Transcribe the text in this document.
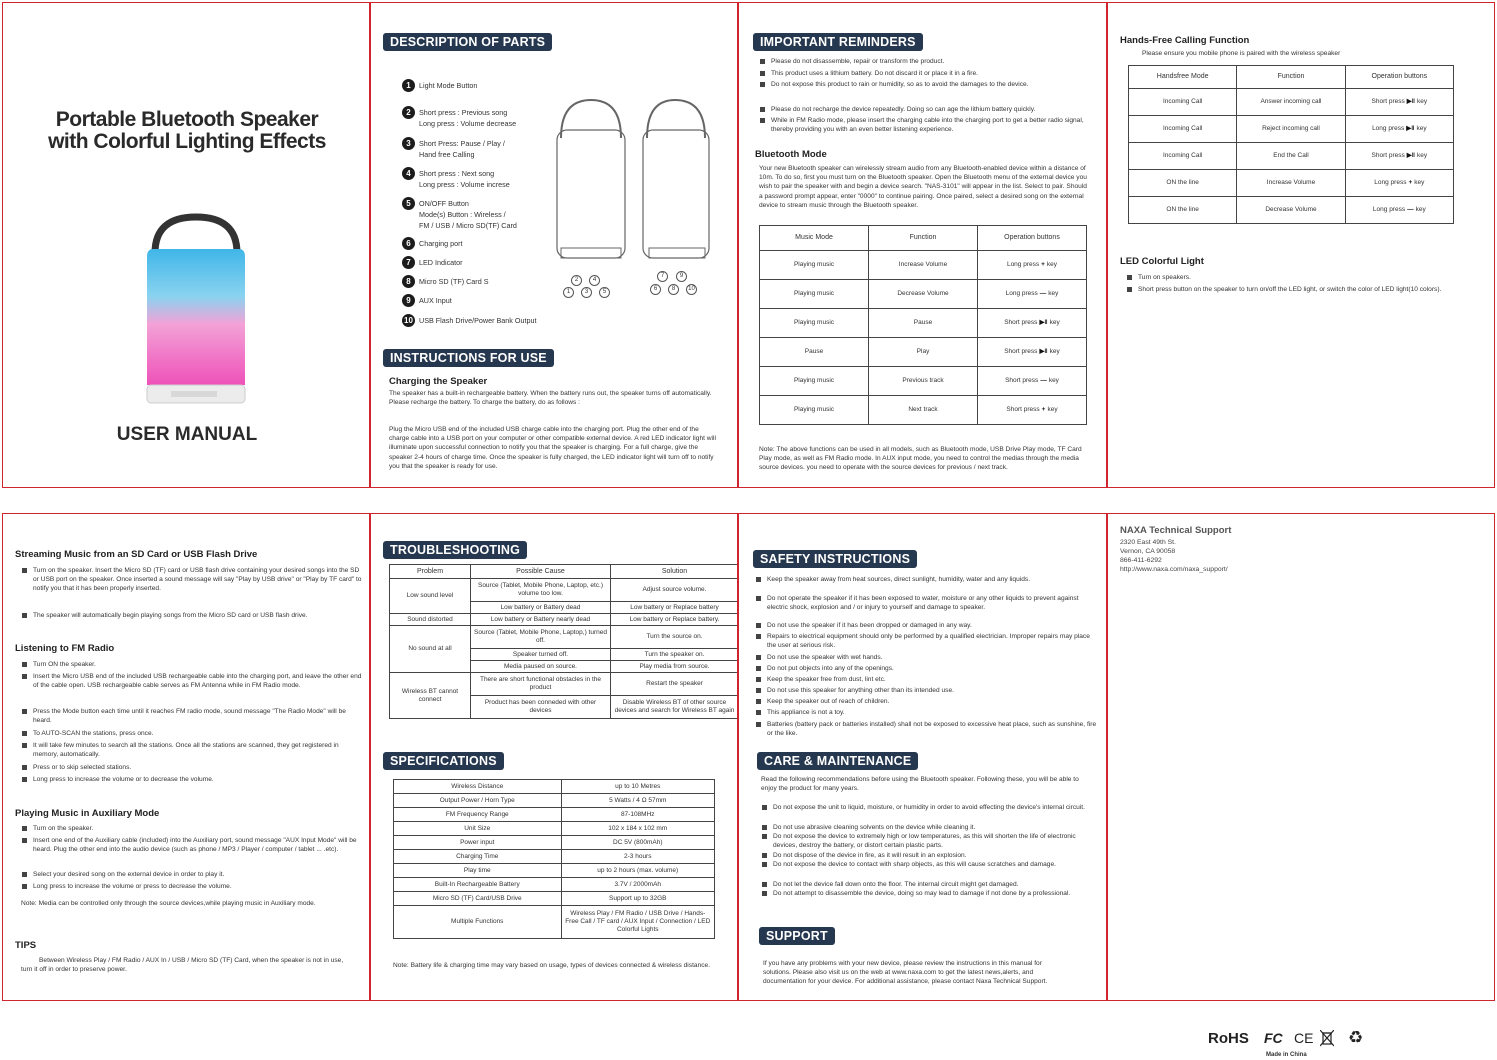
Portable Bluetooth Speaker
with Colorful Lighting Effects
USER MANUAL
DESCRIPTION OF PARTS
1	Light Mode Button
2	Short press : Previous song
Long press : Volume decrease
3	Short Press: Pause / Play /
Hand free Calling
4	Short press : Next song
Long press : Volume increse
5	ON/OFF Button
Mode(s) Button : Wireless /
FM / USB / Micro SD(TF) Card
6	Charging port
7	LED Indicator
8	Micro SD (TF) Card S
9	AUX Input
10 USB Flash Drive/Power Bank Output
2	4
1	3	5
7	9
6	8	10
INSTRUCTIONS FOR USE
Charging the Speaker
The speaker has a built-in rechargeable battery. When the battery runs out, the speaker turns off automatically. Please recharge the battery. To charge the battery, do as follows :
Plug the Micro USB end of the included USB charge cable into the charging port. Plug the other end of the charge cable into a USB port on your computer or other compatible external device. A red LED indicator light will illuminate upon successful connection to notify you that the speaker is charging. For a full charge, give the speaker 2-4 hours of charge time. Once the speaker is fully charged, the LED indicator light will turn off to notify you that the speaker is ready for use.
IMPORTANT REMINDERS
Please do not disassemble, repair or transform the product.
This product uses a lithium battery. Do not discard it or place it in a fire.
Do not expose this product to rain or humidity, so as to avoid the damages to the device.
Please do not recharge the device repeatedly. Doing so can age the lithium battery quickly.
While in FM Radio mode, please insert the charging cable into the charging port to get a better radio signal, thereby providing you with an even better listening experience.
Bluetooth Mode
Your new Bluetooth speaker can wirelessly stream audio from any Bluetooth-enabled device within a distance of 10m. To do so, first you must turn on the Bluetooth speaker. Open the Bluetooth menu of the external device you wish to pair the speaker with and begin a device search. "NAS-3101" will appear in the list. Select to pair. Should a password prompt appear, enter "0000" to continue pairing. Once paired, select a desired song on the external device to stream music through the Bluetooth speaker.
Music Mode	Function	Operation buttons
Playing music	Increase Volume	Long press + key
Playing music	Decrease Volume	Long press — key
Playing music	Pause	Short press ▶‖ key
Pause	Play	Short press ▶‖ key
Playing music	Previous track	Short press — key
Playing music	Next track	Short press + key
Note: The above functions can be used in all models, such as Bluetooth mode, USB Drive Play mode, TF Card Play mode, as well as FM Radio mode. In AUX input mode, you need to control the medias through the media source devices. you need to operate with the source devices for previous / next track.
Hands-Free Calling Function
Please ensure you mobile phone is paired with the wireless speaker
Handsfree Mode	Function	Operation buttons
Incoming Call	Answer incoming call	Short press ▶‖ key
Incoming Call	Reject incoming call	Long press ▶‖ key
Incoming Call	End the Call	Short press ▶‖ key
ON the line	Increase Volume	Long press + key
ON the line	Decrease Volume	Long press — key
LED Colorful Light
Turn on speakers.
Short press button on the speaker to turn on/off the LED light, or switch the color of LED light(10 colors).
Streaming Music from an SD Card or USB Flash Drive
Turn on the speaker. Insert the Micro SD (TF) card or USB flash drive containing your desired songs into the SD or USB port on the speaker. Once inserted a sound message will say "Play by USB drive" or "Play by TF card" to notify you that it has been properly inserted.
The speaker will automatically begin playing songs from the Micro SD card or USB flash drive.
Listening to FM Radio
Turn ON the speaker.
Insert the Micro USB end of the included USB rechargeable cable into the charging port, and leave the other end of the cable open. USB rechargeable cable serves as FM Antenna while in FM Radio mode.
Press the Mode button each time until it reaches FM radio mode, sound message "The Radio Mode" will be heard.
To AUTO-SCAN the stations, press once.
It will take few minutes to search all the stations. Once all the stations are scanned, they get registered in memory, automatically.
Press or to skip selected stations.
Long press to increase the volume or to decrease the volume.
Playing Music in Auxiliary Mode
Turn on the speaker.
Insert one end of the Auxiliary cable (included) into the Auxiliary port, sound message "AUX Input Mode" will be heard. Plug the other end into the audio device (such as phone / MP3 / Player / computer / tablet ... .etc).
Select your desired song on the external device in order to play it.
Long press to increase the volume or press to decrease the volume.
Note: Media can be controlled only through the source devices,while playing music in Auxiliary mode.
TIPS
Between Wireless Play / FM Radio / AUX In / USB / Micro SD (TF) Card, when the speaker is not in use, turn it off in order to preserve power.
TROUBLESHOOTING
Problem	Possible Cause	Solution
Low sound level	Source (Tablet, Mobile Phone, Laptop, etc.) volume too low.	Adjust source volume.
	Low battery or Battery dead	Low battery or Replace battery
Sound distorted	Low battery or Battery nearly dead	Low battery or Replace battery.
No sound at all	Source (Tablet, Mobile Phone, Laptop,) turned off.	Turn the source on.
	Speaker turned off.	Turn the speaker on.
	Media paused on source.	Play media from source.
Wireless BT cannot connect	There are short functional obstacles in the product	Restart the speaker
	Product has been conneded with other devices	Disable Wireless BT of other source devices and search for Wireless BT again
SPECIFICATIONS
Wireless Distance	up to 10 Metres
Output Power / Horn Type	5 Watts / 4 Ω 57mm
FM Frequency Range	87-108MHz
Unit Size	102 x 184 x 102 mm
Power input	DC 5V (800mAh)
Charging Time	2-3 hours
Play time	up to 2 hours (max. volume)
Built-In Rechargeable Battery	3.7V / 2000mAh
Micro SD (TF) Card/USB Drive	Support up to 32GB
Multiple Functions	Wireless Play / FM Radio / USB Drive / Hands-Free Call / TF card / AUX Input / Connection / LED Colorful Lights
Note: Battery life & charging time may vary based on usage, types of devices connected & wireless distance.
SAFETY INSTRUCTIONS
Keep the speaker away from heat sources, direct sunlight, humidity, water and any liquids.
Do not operate the speaker if it has been exposed to water, moisture or any other liquids to prevent against electric shock, explosion and / or injury to yourself and damage to speaker.
Do not use the speaker if it has been dropped or damaged in any way.
Repairs to electrical equipment should only be performed by a qualified electrician. Improper repairs may place the user at serious risk.
Do not use the speaker with wet hands.
Do not put objects into any of the openings.
Keep the speaker free from dust, lint etc.
Do not use this speaker for anything other than its intended use.
Keep the speaker out of reach of children.
This appliance is not a toy.
Batteries (battery pack or batteries installed) shall not be exposed to excessive heat place, such as sunshine, fire or the like.
CARE & MAINTENANCE
Read the following recommendations before using the Bluetooth speaker. Following these, you will be able to enjoy the product for many years.
Do not expose the unit to liquid, moisture, or humidity in order to avoid effecting the device's internal circuit.
Do not use abrasive cleaning solvents on the device while cleaning it.
Do not expose the device to extremely high or low temperatures, as this will shorten the life of electronic devices, destroy the battery, or distort certain plastic parts.
Do not dispose of the device in fire, as it will result in an explosion.
Do not expose the device to contact with sharp objects, as this will cause scratches and damage.
Do not let the device fall down onto the floor. The internal circuit might get damaged.
Do not attempt to disassemble the device, doing so may lead to damage if not done by a professional.
SUPPORT
If you have any problems with your new device, please review the instructions in this manual for solutions. Please also visit us on the web at www.naxa.com to get the latest news,alerts, and documentation for your device. For additional assistance, please contact Naxa Technical Support.
NAXA Technical Support
2320 East 49th St.
Vernon, CA 90058
866-411-6292
http://www.naxa.com/naxa_support/
RoHS FC CE ♻
Made in China
